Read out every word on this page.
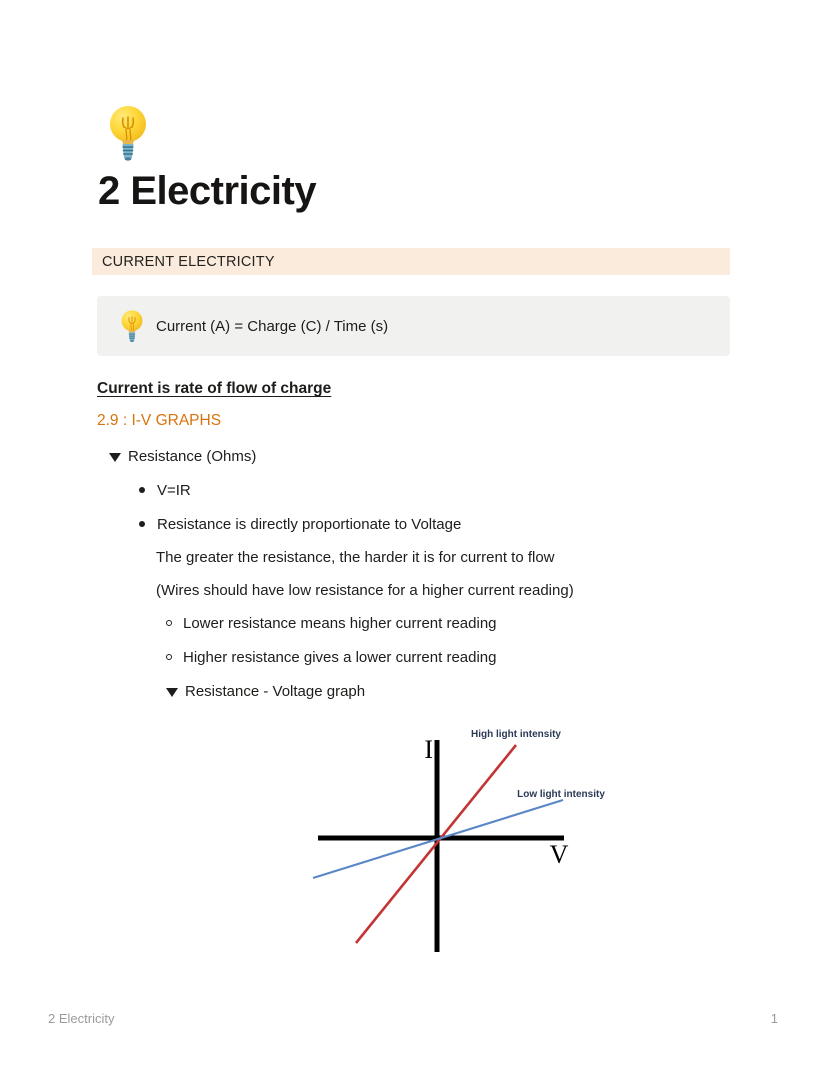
2 Electricity
CURRENT ELECTRICITY
Current (A) = Charge (C) / Time (s)
Current is rate of flow of charge
2.9 : I-V GRAPHS
Resistance (Ohms)
V=IR
Resistance is directly proportionate to Voltage
The greater the resistance, the harder it is for current to flow
(Wires should have low resistance for a higher current reading)
Lower resistance means higher current reading
Higher resistance gives a lower current reading
Resistance - Voltage graph
I
V
High light intensity
Low light intensity
2 Electricity	1
